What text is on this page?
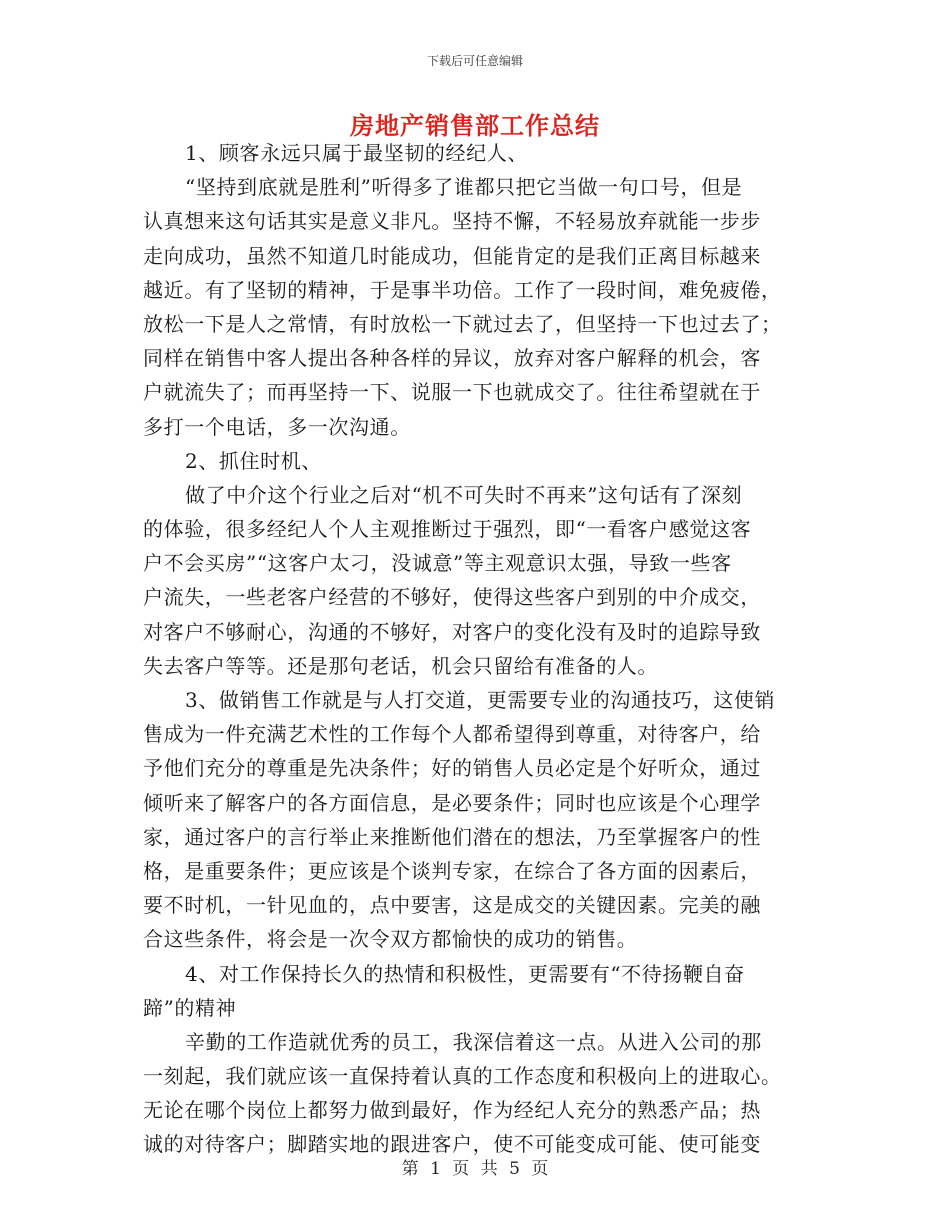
下载后可任意编辑
房地产销售部工作总结
1、顾客永远只属于最坚韧的经纪人、
“坚持到底就是胜利”听得多了谁都只把它当做一句口号，但是
认真想来这句话其实是意义非凡。坚持不懈，不轻易放弃就能一步步
走向成功，虽然不知道几时能成功，但能肯定的是我们正离目标越来
越近。有了坚韧的精神，于是事半功倍。工作了一段时间，难免疲倦，
放松一下是人之常情，有时放松一下就过去了，但坚持一下也过去了；
同样在销售中客人提出各种各样的异议，放弃对客户解释的机会，客
户就流失了；而再坚持一下、说服一下也就成交了。往往希望就在于
多打一个电话，多一次沟通。
2、抓住时机、
做了中介这个行业之后对“机不可失时不再来”这句话有了深刻
的体验，很多经纪人个人主观推断过于强烈，即“一看客户感觉这客
户不会买房”“这客户太刁，没诚意”等主观意识太强，导致一些客
户流失，一些老客户经营的不够好，使得这些客户到别的中介成交，
对客户不够耐心，沟通的不够好，对客户的变化没有及时的追踪导致
失去客户等等。还是那句老话，机会只留给有准备的人。
3、做销售工作就是与人打交道，更需要专业的沟通技巧，这使销
售成为一件充满艺术性的工作每个人都希望得到尊重，对待客户，给
予他们充分的尊重是先决条件；好的销售人员必定是个好听众，通过
倾听来了解客户的各方面信息，是必要条件；同时也应该是个心理学
家，通过客户的言行举止来推断他们潜在的想法，乃至掌握客户的性
格，是重要条件；更应该是个谈判专家，在综合了各方面的因素后，
要不时机，一针见血的，点中要害，这是成交的关键因素。完美的融
合这些条件，将会是一次令双方都愉快的成功的销售。
4、对工作保持长久的热情和积极性，更需要有“不待扬鞭自奋
蹄”的精神
辛勤的工作造就优秀的员工，我深信着这一点。从进入公司的那
一刻起，我们就应该一直保持着认真的工作态度和积极向上的进取心。
无论在哪个岗位上都努力做到最好，作为经纪人充分的熟悉产品；热
诚的对待客户；脚踏实地的跟进客户，使不可能变成可能、使可能变
第 1 页 共 5 页
